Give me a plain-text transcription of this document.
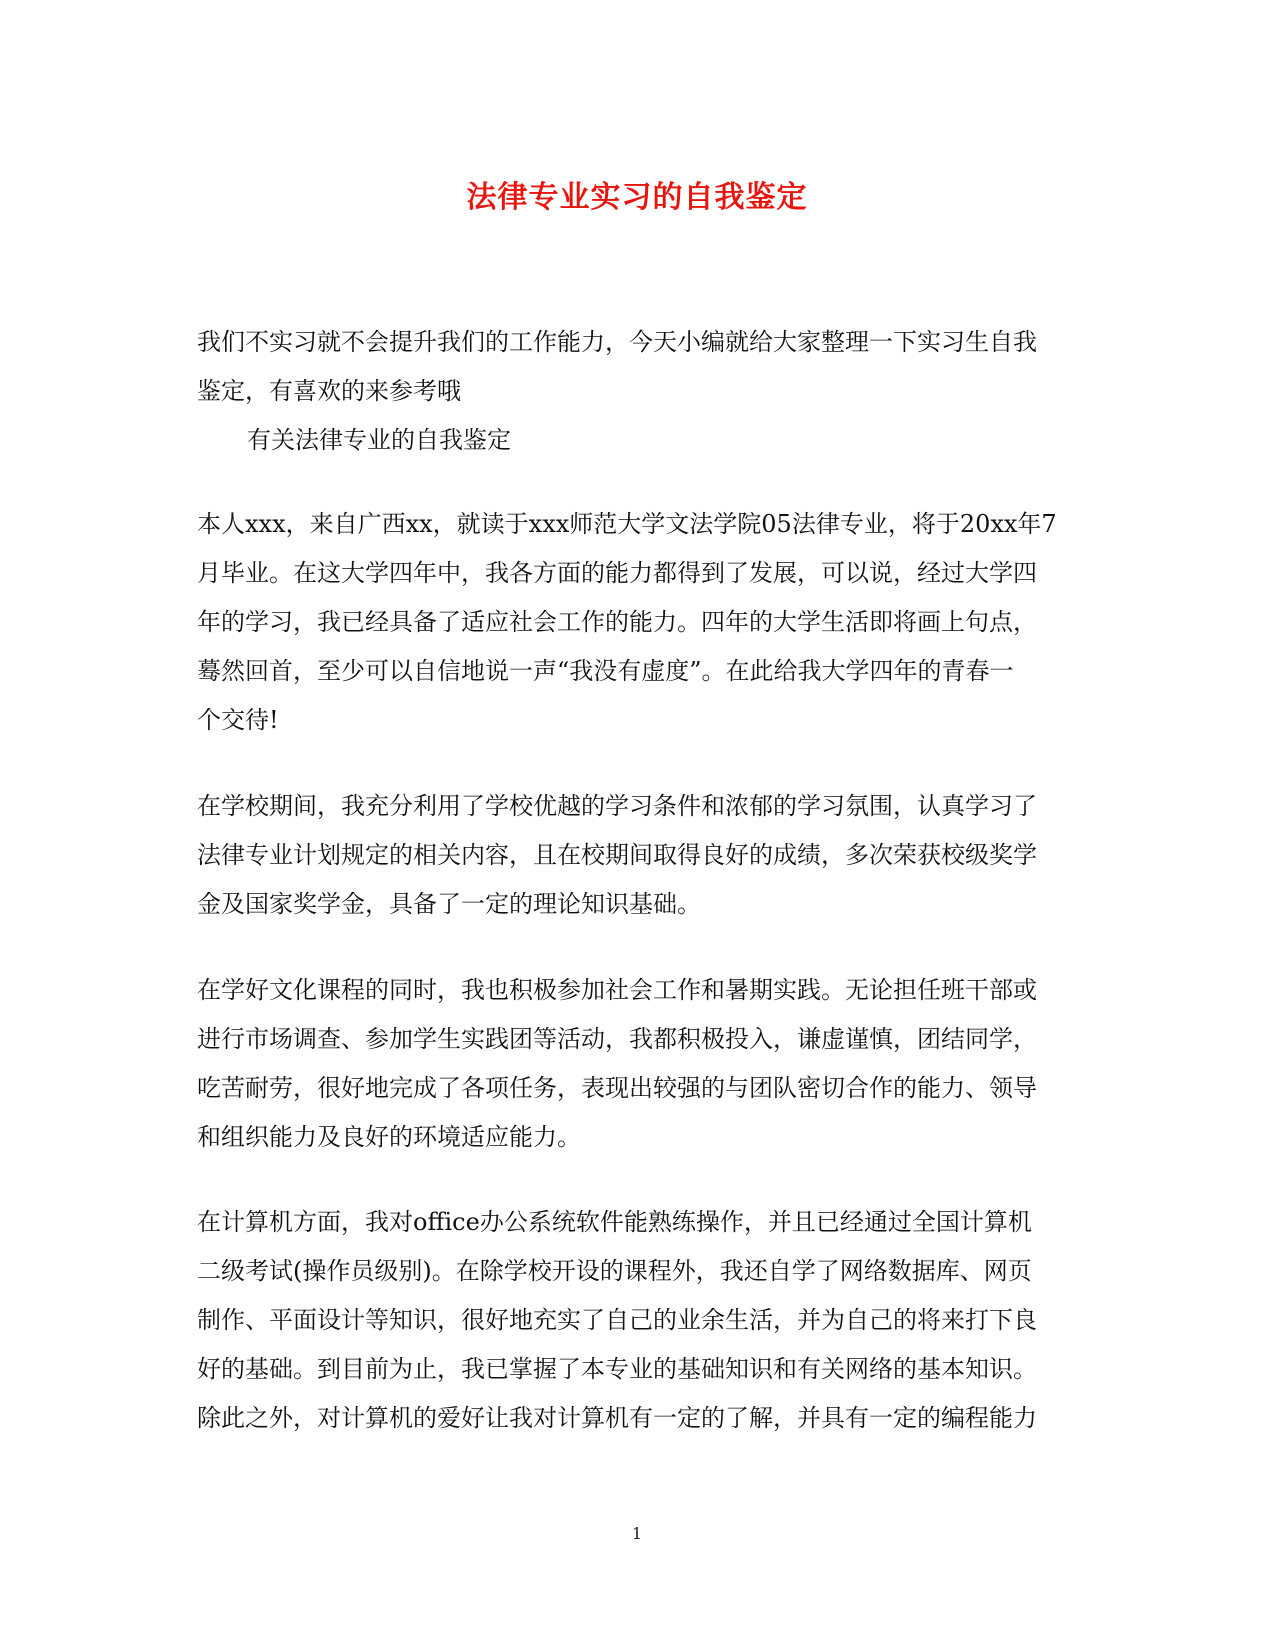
法律专业实习的自我鉴定

我们不实习就不会提升我们的工作能力，今天小编就给大家整理一下实习生自我
鉴定，有喜欢的来参考哦
有关法律专业的自我鉴定

本人xxx，来自广西xx，就读于xxx师范大学文法学院05法律专业，将于20xx年7
月毕业。在这大学四年中，我各方面的能力都得到了发展，可以说，经过大学四
年的学习，我已经具备了适应社会工作的能力。四年的大学生活即将画上句点，
蓦然回首，至少可以自信地说一声“我没有虚度”。在此给我大学四年的青春一
个交待!

在学校期间，我充分利用了学校优越的学习条件和浓郁的学习氛围，认真学习了
法律专业计划规定的相关内容，且在校期间取得良好的成绩，多次荣获校级奖学
金及国家奖学金，具备了一定的理论知识基础。

在学好文化课程的同时，我也积极参加社会工作和暑期实践。无论担任班干部或
进行市场调查、参加学生实践团等活动，我都积极投入，谦虚谨慎，团结同学，
吃苦耐劳，很好地完成了各项任务，表现出较强的与团队密切合作的能力、领导
和组织能力及良好的环境适应能力。

在计算机方面，我对office办公系统软件能熟练操作，并且已经通过全国计算机
二级考试(操作员级别)。在除学校开设的课程外，我还自学了网络数据库、网页
制作、平面设计等知识，很好地充实了自己的业余生活，并为自己的将来打下良
好的基础。到目前为止，我已掌握了本专业的基础知识和有关网络的基本知识。
除此之外，对计算机的爱好让我对计算机有一定的了解，并具有一定的编程能力

1
